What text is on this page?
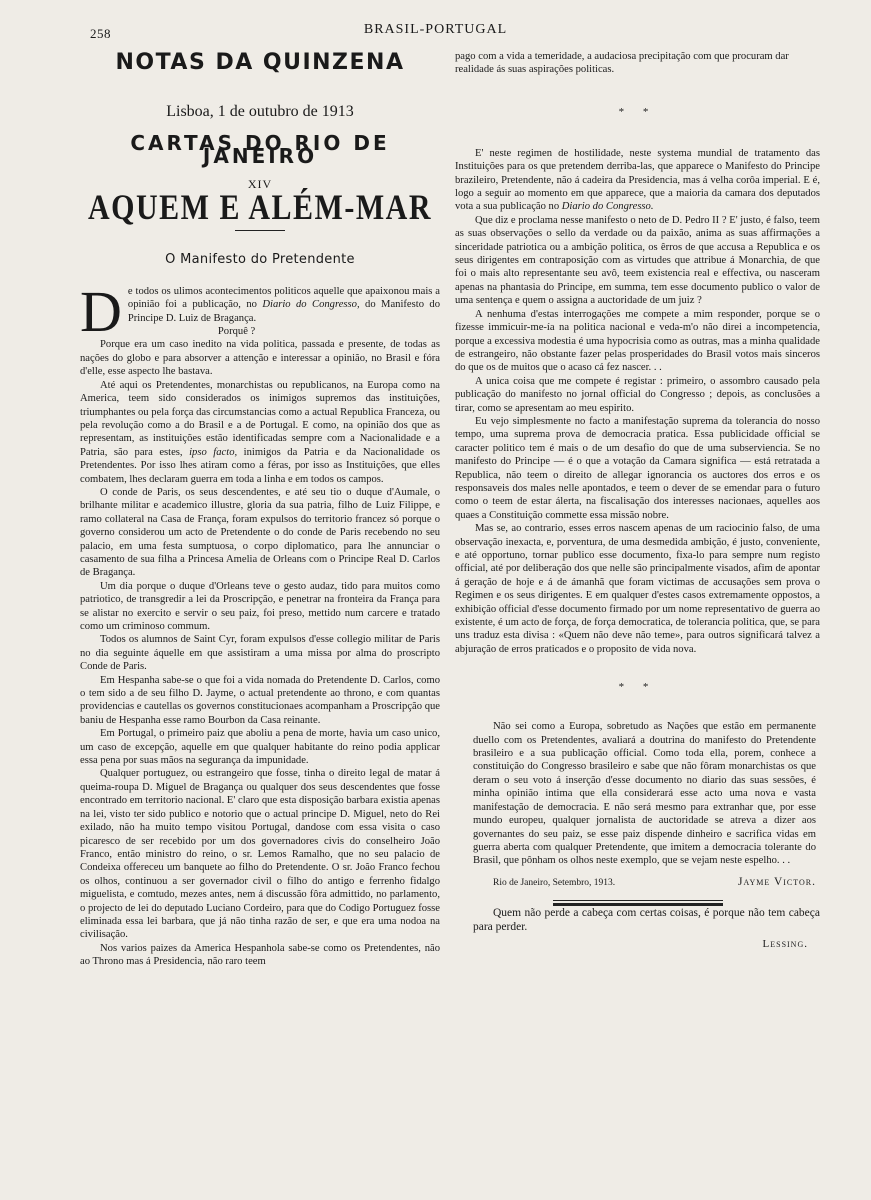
258	BRASIL-PORTUGAL
NOTAS DA QUINZENA
Lisboa, 1 de outubro de 1913
CARTAS DO RIO DE JANEIRO
XIV
AQUEM E ALÉM-MAR
O Manifesto do Pretendente

De todos os ulimos acontecimentos politicos aquelle que apaixonou mais a opinião foi a publicação, no Diario do Congresso, do Manifesto do Principe D. Luiz de Bragança.

Porquê ?

Porque era um caso inedito na vida politica, passada e presente, de todas as nações do globo e para absorver a attenção e interessar a opinião, no Brasil e fóra d'elle, esse aspecto lhe bastava.

Até aqui os Pretendentes, monarchistas ou republicanos, na Europa como na America, teem sido considerados os inimigos supremos das instituições, triumphantes ou pela força das circumstancias como a actual Republica Franceza, ou pela revolução como a do Brasil e a de Portugal. E como, na opinião dos que as representam, as instituições estão identificadas sempre com a Nacionalidade e a Patria, são para estes, ipso facto, inimigos da Patria e da Nacionalidade os Pretendentes. Por isso lhes atiram como a féras, por isso as Instituições, que elles combatem, lhes declaram guerra em toda a linha e em todos os campos.

O conde de Paris, os seus descendentes, e até seu tio o duque d'Aumale, o brilhante militar e academico illustre, gloria da sua patria, filho de Luiz Filippe, e ramo collateral na Casa de França, foram expulsos do territorio francez só porque o governo considerou um acto de Pretendente o do conde de Paris recebendo no seu palacio, em uma festa sumptuosa, o corpo diplomatico, para lhe annunciar o casamento de sua filha a Princesa Amelia de Orleans com o Principe Real D. Carlos de Bragança.

Um dia porque o duque d'Orleans teve o gesto audaz, tido para muitos como patriotico, de transgredir a lei da Proscripção, e penetrar na fronteira da França para se alistar no exercito e servir o seu paiz, foi preso, mettido num carcere e tratado como um criminoso commum.

Todos os alumnos de Saint Cyr, foram expulsos d'esse collegio militar de Paris no dia seguinte áquelle em que assistiram a uma missa por alma do proscripto Conde de Paris.

Em Hespanha sabe-se o que foi a vida nomada do Pretendente D. Carlos, como o tem sido a de seu filho D. Jayme, o actual pretendente ao throno, e com quantas providencias e cautellas os governos constitucionaes acompanham a Proscripção que baniu de Hespanha esse ramo Bourbon da Casa reinante.

Em Portugal, o primeiro paiz que aboliu a pena de morte, havia um caso unico, um caso de excepção, aquelle em que qualquer habitante do reino podia applicar essa pena por suas mãos na segurança da impunidade.

Qualquer portuguez, ou estrangeiro que fosse, tinha o direito legal de matar á queima-roupa D. Miguel de Bragança ou qualquer dos seus descendentes que fosse encontrado em territorio nacional. E' claro que esta disposição barbara existia apenas na lei, visto ter sido publico e notorio que o actual principe D. Miguel, neto do Rei exilado, não ha muito tempo visitou Portugal, dandose com essa visita o caso picaresco de ser recebido por um dos governadores civis do conselheiro João Franco, então ministro do reino, o sr. Lemos Ramalho, que no seu palacio de Condeixa offereceu um banquete ao filho do Pretendente. O sr. João Franco fechou os olhos, continuou a ser governador civil o filho do antigo e ferrenho fidalgo miguelista, e comtudo, mezes antes, nem á discussão fôra admittido, no parlamento, o projecto de lei do deputado Luciano Cordeiro, para que do Codigo Portuguez fosse eliminada essa lei barbara, que já não tinha razão de ser, e que era uma nodoa na civilisação.

Nos varios paizes da America Hespanhola sabe-se como os Pretendentes, não ao Throno mas á Presidencia, não raro teem

pago com a vida a temeridade, a audaciosa precipitação com que procuram dar realidade ás suas aspirações politicas.

* *

E' neste regimen de hostilidade, neste systema mundial de tratamento das Instituições para os que pretendem derriba-las, que apparece o Manifesto do Principe brazileiro, Pretendente, não á cadeira da Presidencia, mas á velha corôa imperial. E é, logo a seguir ao momento em que apparece, que a maioria da camara dos deputados vota a sua publicação no Diario do Congresso.

Que diz e proclama nesse manifesto o neto de D. Pedro II ? E' justo, é falso, teem as suas observações o sello da verdade ou da paixão, anima as suas affirmações a sinceridade patriotica ou a ambição politica, os êrros de que accusa a Republica e os seus dirigentes em contraposição com as virtudes que attribue á Monarchia, de que foi o mais alto representante seu avô, teem existencia real e effectiva, ou nasceram apenas na phantasia do Principe, em summa, tem esse documento publico o valor de uma sentença e quem o assigna a auctoridade de um juiz ?

A nenhuma d'estas interrogações me compete a mim responder, porque se o fizesse immicuir-me-ía na politica nacional e veda-m'o não direi a incompetencia, porque a excessiva modestia é uma hypocrisia como as outras, mas a minha qualidade de estrangeiro, não obstante fazer pelas prosperidades do Brasil votos mais sinceros do que os de muitos que o acaso cá fez nascer. . .

A unica coisa que me compete é registar : primeiro, o assombro causado pela publicação do manifesto no jornal official do Congresso ; depois, as conclusões a tirar, como se apresentam ao meu espirito.

Eu vejo simplesmente no facto a manifestação suprema da tolerancia do nosso tempo, uma suprema prova de democracia pratica. Essa publicidade official se caracter politico tem é mais o de um desafio do que de uma subserviencia. Se no manifesto do Principe — é o que a votação da Camara significa — está retratada a Republica, não teem o direito de allegar ignorancia os auctores dos erros e os responsaveis dos males nelle apontados, e teem o dever de se emendar para o futuro como o teem de estar álerta, na fiscalisação dos interesses nacionaes, aquelles aos quaes a Constituição commette essa missão nobre.

Mas se, ao contrario, esses erros nascem apenas de um raciocinio falso, de uma observação inexacta, e, porventura, de uma desmedida ambição, é justo, conveniente, e até opportuno, tornar publico esse documento, fixa-lo para sempre num registo official, até por deliberação dos que nelle são principalmente visados, afim de apontar á geração de hoje e á de ámanhã que foram victimas de accusações sem prova o Regimen e os seus dirigentes. E em qualquer d'estes casos extremamente oppostos, a exhibição official d'esse documento firmado por um nome representativo de guerra ao existente, é um acto de força, de força democratica, de tolerancia politica, que, se para uns traduz esta divisa : «Quem não deve não teme», para outros significará talvez a abjuração de erros praticados e o proposito de vida nova.

* *

Não sei como a Europa, sobretudo as Nações que estão em permanente duello com os Pretendentes, avaliará a doutrina do manifesto do Pretendente brasileiro e a sua publicação official. Como toda ella, porem, conhece a constituição do Congresso brasileiro e sabe que não fôram monarchistas os que deram o seu voto á inserção d'esse documento no diario das suas sessões, é minha opinião intima que ella considerará esse acto uma nova e vasta manifestação de democracia. E não será mesmo para extranhar que, por esse mundo europeu, qualquer jornalista de auctoridade se atreva a dizer aos governantes do seu paiz, se esse paiz dispende dinheiro e sacrifica vidas em guerra aberta com qualquer Pretendente, que imitem a democracia tolerante do Brasil, que pônham os olhos neste exemplo, que se vejam neste espelho. . .

Rio de Janeiro, Setembro, 1913.	Jayme Victor.

Quem não perde a cabeça com certas coisas, é porque não tem cabeça para perder.

Lessing.
